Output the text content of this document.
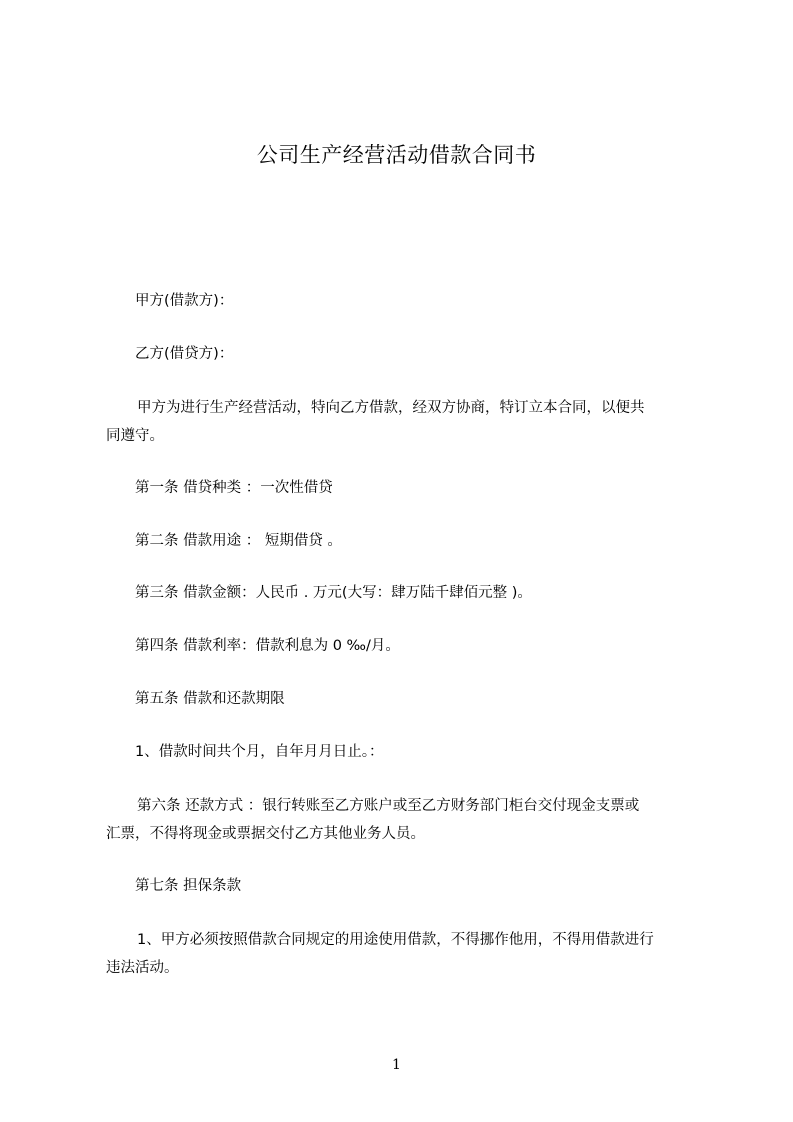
公司生产经营活动借款合同书
甲方(借款方)：
乙方(借贷方)：
甲方为进行生产经营活动，特向乙方借款，经双方协商，特订立本合同，以便共
同遵守。
第一条 借贷种类 ：一次性借贷
第二条 借款用途 ： 短期借贷 。
第三条 借款金额：人民币 . 万元(大写：肆万陆千肆佰元整 )。
第四条 借款利率：借款利息为 0 ‰/月。
第五条 借款和还款期限
1、借款时间共个月，自年月月日止。：
第六条 还款方式 ：银行转账至乙方账户或至乙方财务部门柜台交付现金支票或
汇票，不得将现金或票据交付乙方其他业务人员。
第七条 担保条款
1、甲方必须按照借款合同规定的用途使用借款，不得挪作他用，不得用借款进行
违法活动。
1
